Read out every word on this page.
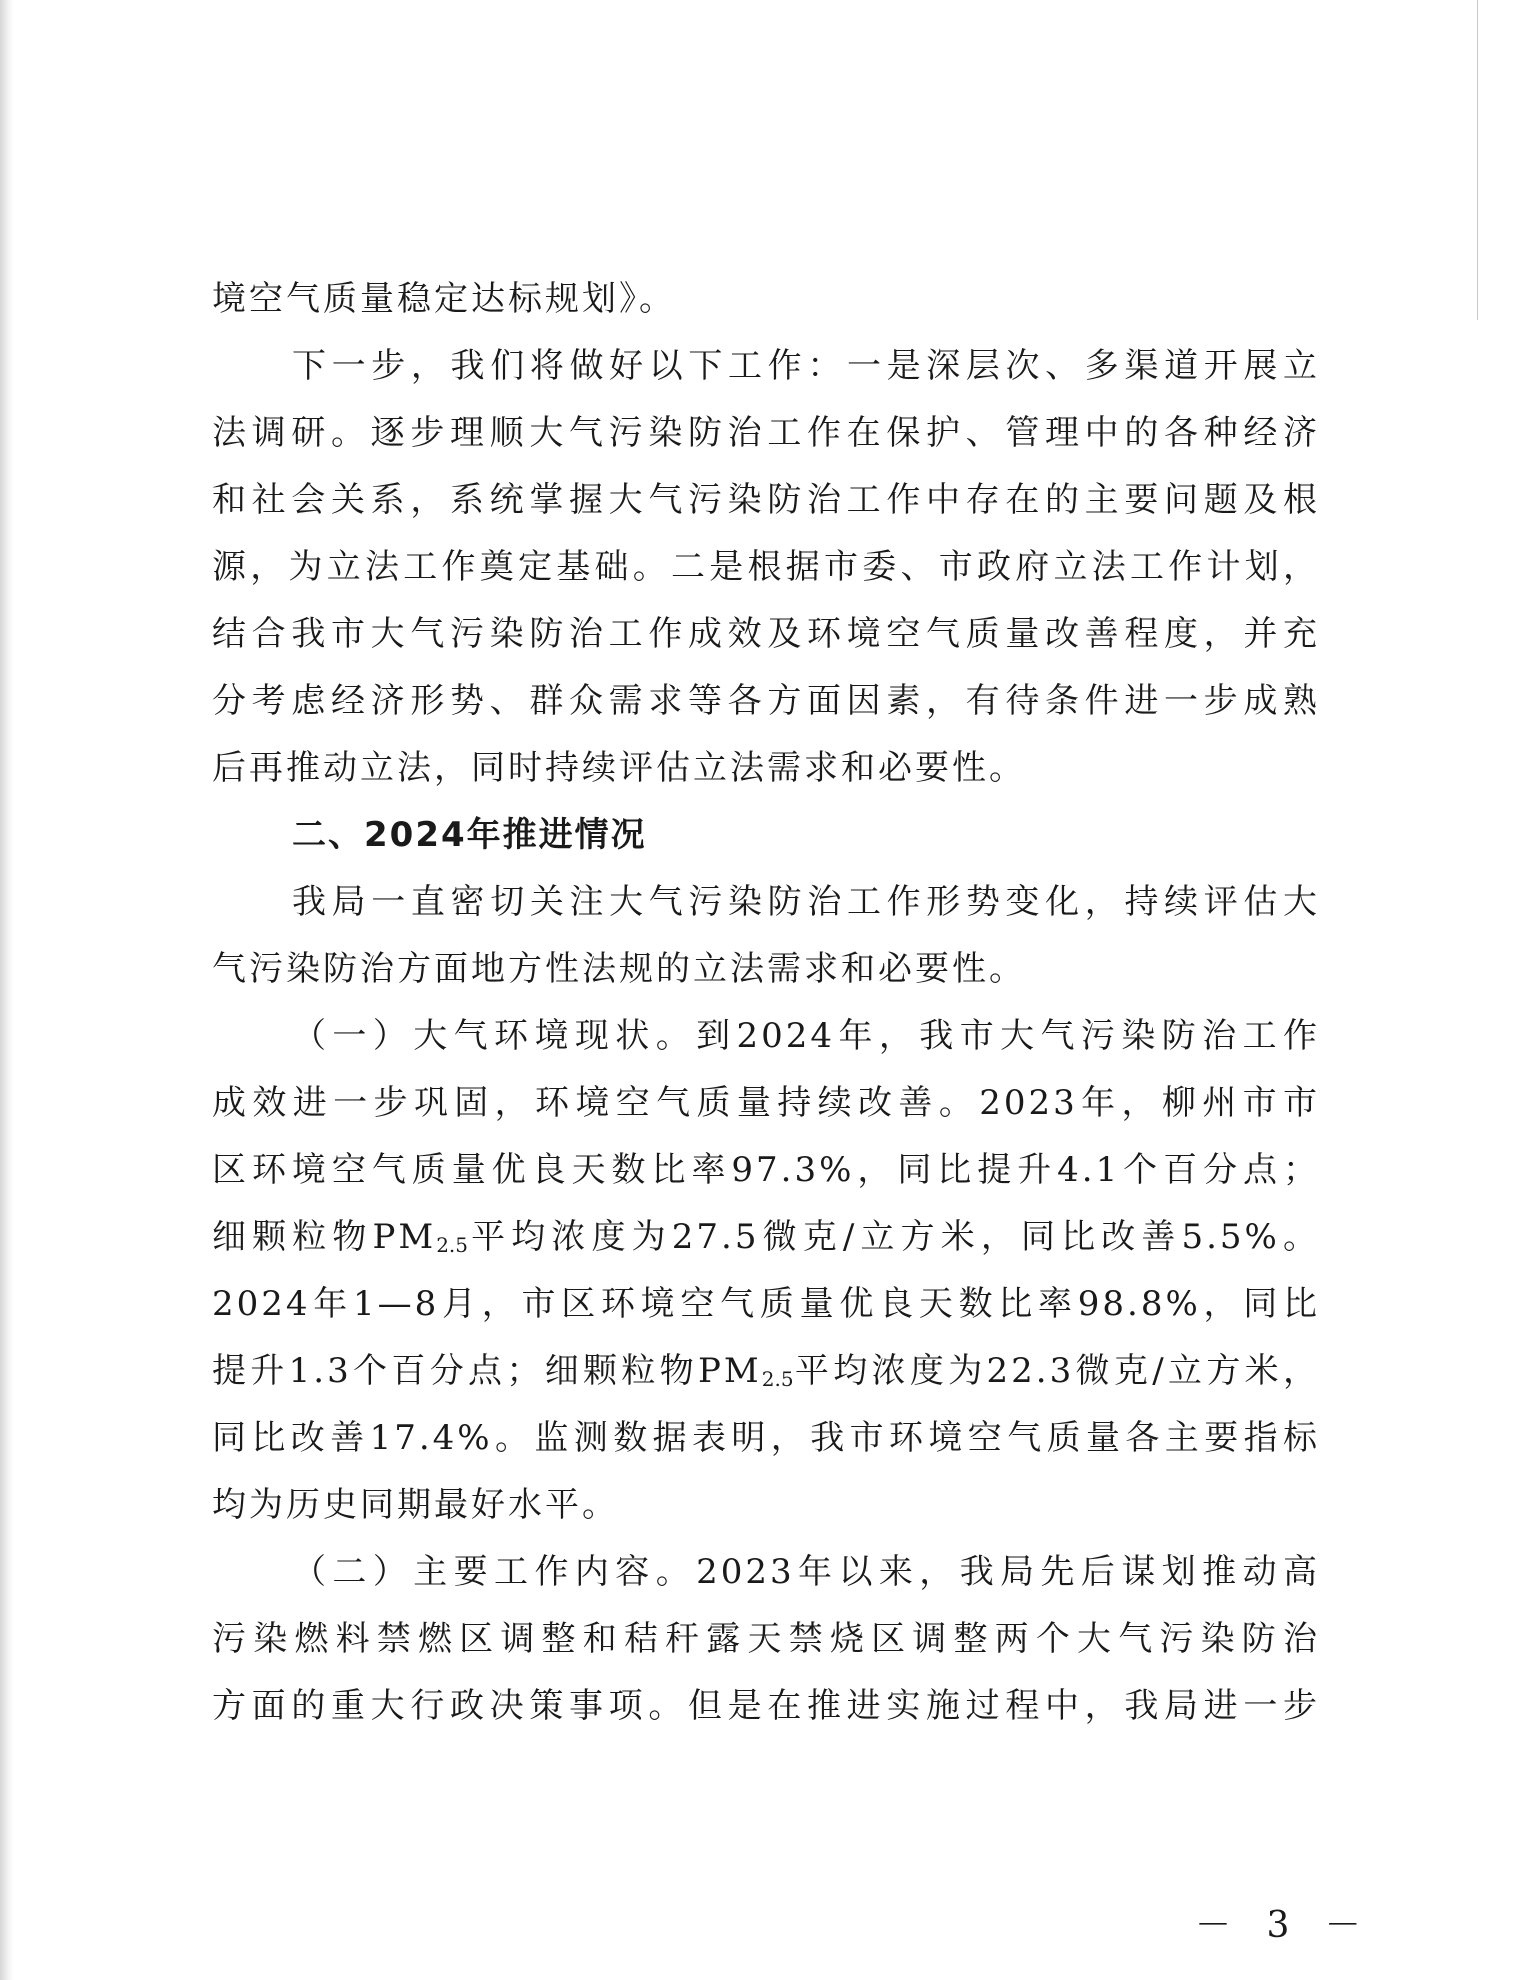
境空气质量稳定达标规划》。
下一步，我们将做好以下工作：一是深层次、多渠道开展立
法调研。逐步理顺大气污染防治工作在保护、管理中的各种经济
和社会关系，系统掌握大气污染防治工作中存在的主要问题及根
源，为立法工作奠定基础。二是根据市委、市政府立法工作计划，
结合我市大气污染防治工作成效及环境空气质量改善程度，并充
分考虑经济形势、群众需求等各方面因素，有待条件进一步成熟
后再推动立法，同时持续评估立法需求和必要性。
二、2024年推进情况
我局一直密切关注大气污染防治工作形势变化，持续评估大
气污染防治方面地方性法规的立法需求和必要性。
（一）大气环境现状。到2024年，我市大气污染防治工作
成效进一步巩固，环境空气质量持续改善。2023年，柳州市市
区环境空气质量优良天数比率97.3%，同比提升4.1个百分点；
细颗粒物$PM_{2.5}$平均浓度为27.5微克/立方米，同比改善5.5%。
2024年1—8月，市区环境空气质量优良天数比率98.8%，同比
提升1.3个百分点；细颗粒物$PM_{2.5}$平均浓度为22.3微克/立方米，
同比改善17.4%。监测数据表明，我市环境空气质量各主要指标
均为历史同期最好水平。
（二）主要工作内容。2023年以来，我局先后谋划推动高
污染燃料禁燃区调整和秸秆露天禁烧区调整两个大气污染防治
方面的重大行政决策事项。但是在推进实施过程中，我局进一步
－ 3 －
